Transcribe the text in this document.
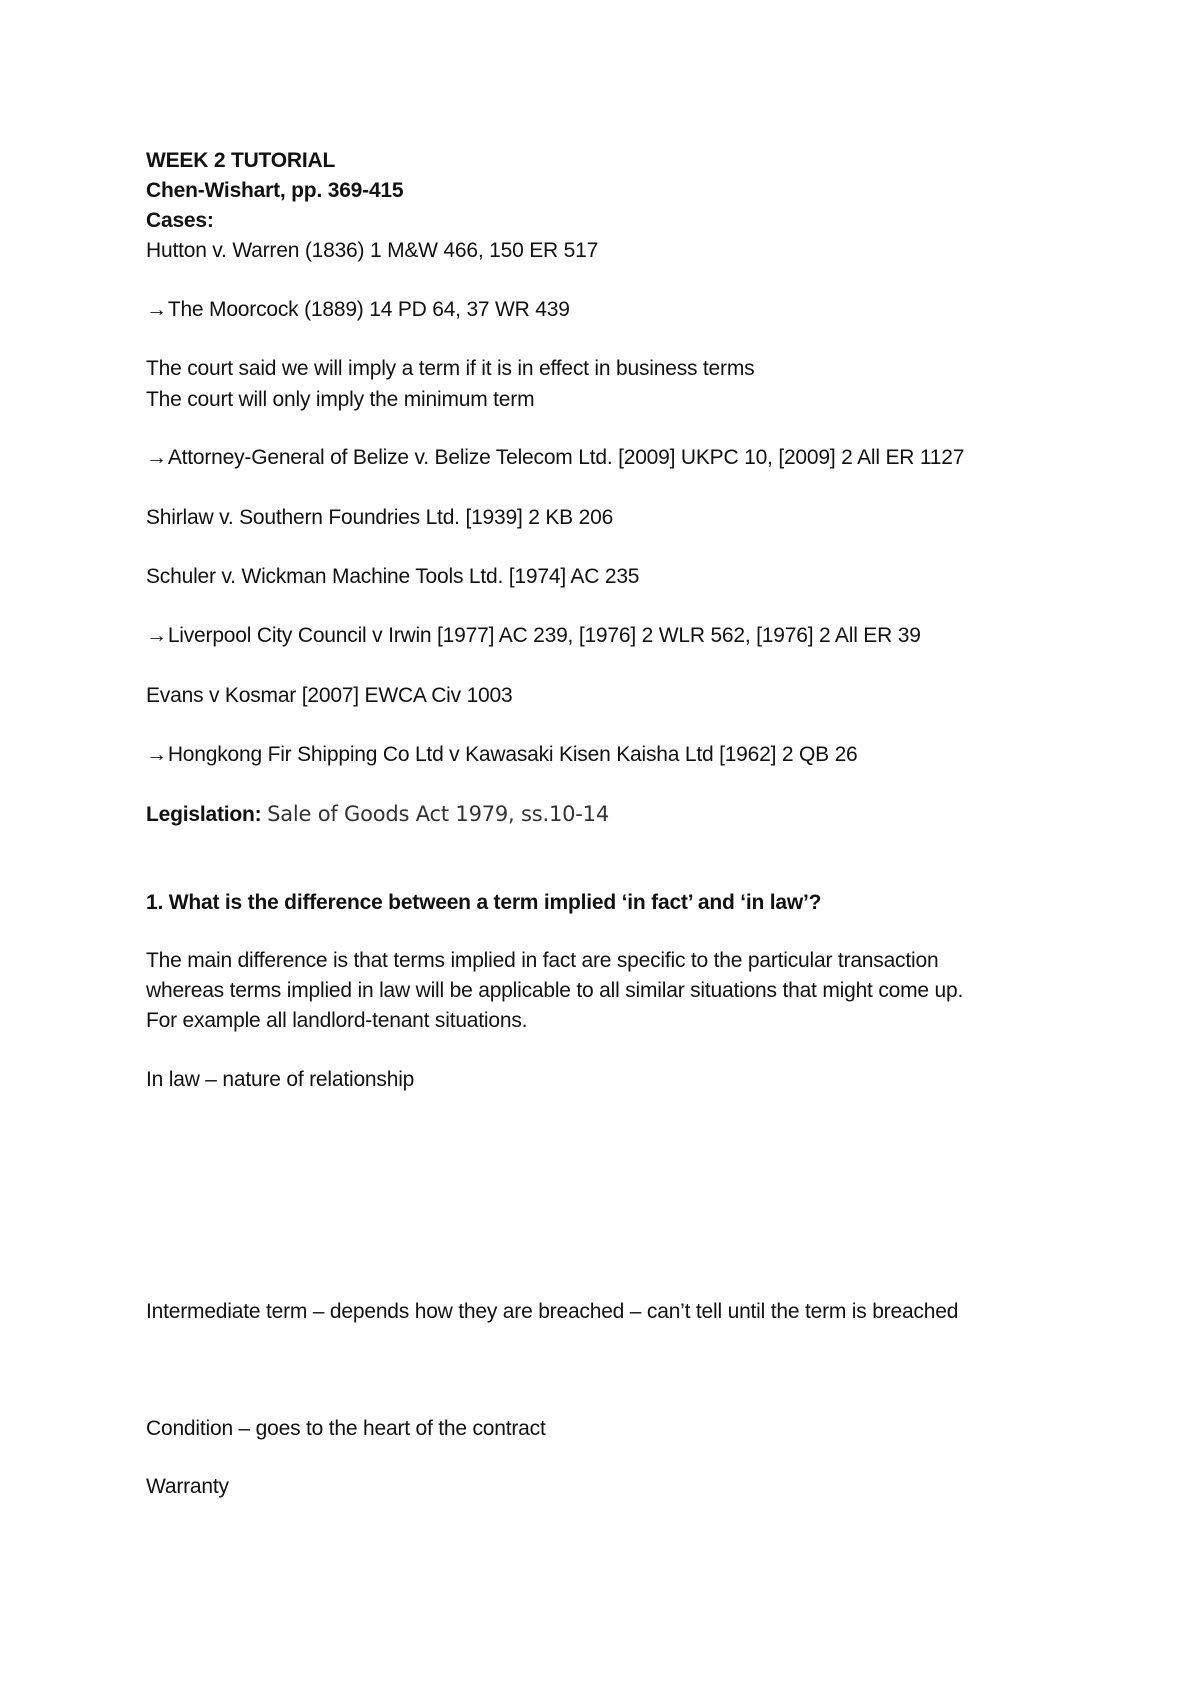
WEEK 2 TUTORIAL
Chen-Wishart, pp. 369-415
Cases:
Hutton v. Warren (1836) 1 M&W 466, 150 ER 517
→The Moorcock (1889) 14 PD 64, 37 WR 439
The court said we will imply a term if it is in effect in business terms
The court will only imply the minimum term
→Attorney-General of Belize v. Belize Telecom Ltd. [2009] UKPC 10, [2009] 2 All ER 1127
Shirlaw v. Southern Foundries Ltd. [1939] 2 KB 206
Schuler v. Wickman Machine Tools Ltd. [1974] AC 235
→Liverpool City Council v Irwin [1977] AC 239, [1976] 2 WLR 562, [1976] 2 All ER 39
Evans v Kosmar [2007] EWCA Civ 1003
→Hongkong Fir Shipping Co Ltd v Kawasaki Kisen Kaisha Ltd [1962] 2 QB 26
Legislation: Sale of Goods Act 1979, ss.10-14
1. What is the difference between a term implied ‘in fact’ and ‘in law’?
The main difference is that terms implied in fact are specific to the particular transaction
whereas terms implied in law will be applicable to all similar situations that might come up.
For example all landlord-tenant situations.
In law – nature of relationship
Intermediate term – depends how they are breached – can’t tell until the term is breached
Condition – goes to the heart of the contract
Warranty
